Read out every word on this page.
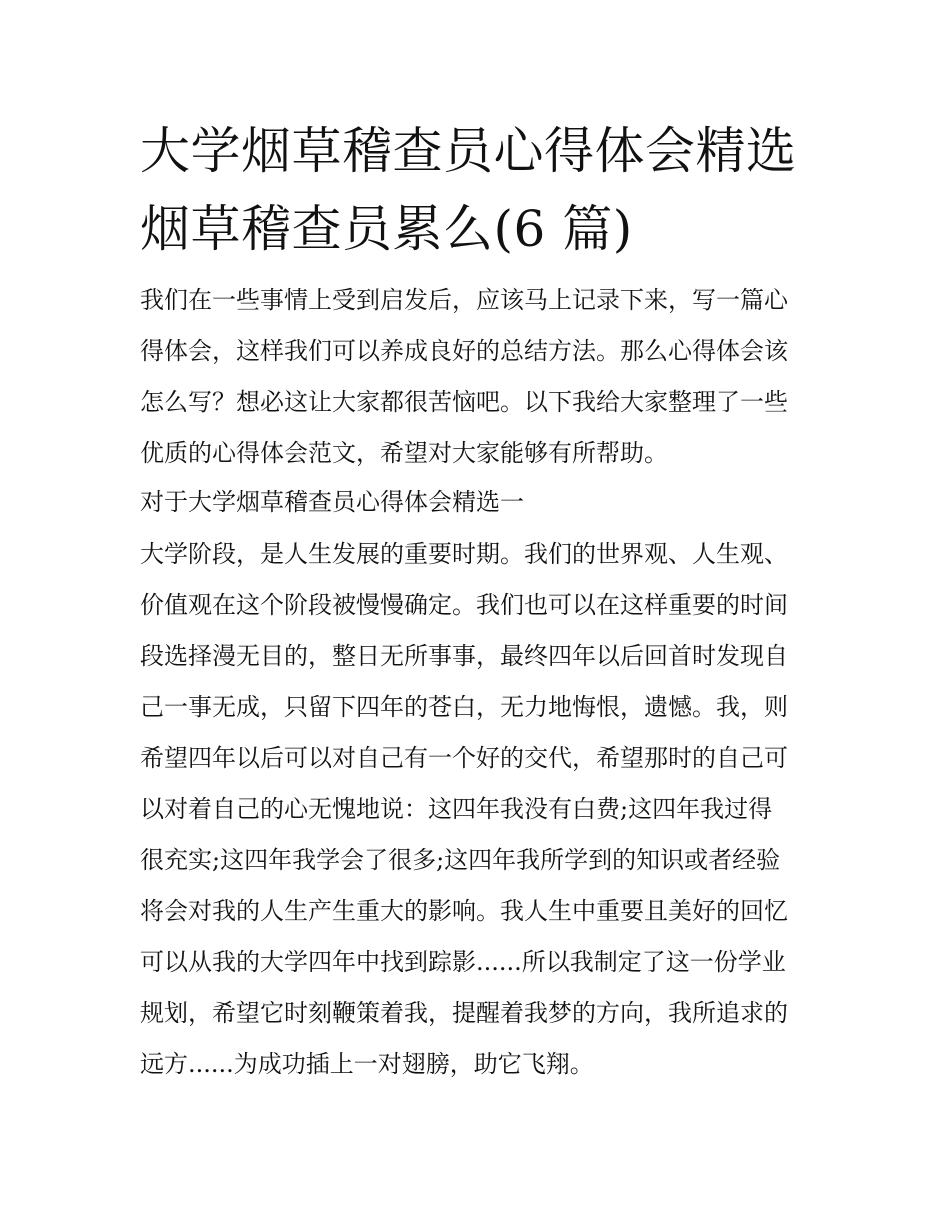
大学烟草稽查员心得体会精选
烟草稽查员累么(6 篇)

我们在一些事情上受到启发后，应该马上记录下来，写一篇心

得体会，这样我们可以养成良好的总结方法。那么心得体会该

怎么写？想必这让大家都很苦恼吧。以下我给大家整理了一些

优质的心得体会范文，希望对大家能够有所帮助。

对于大学烟草稽查员心得体会精选一

大学阶段，是人生发展的重要时期。我们的世界观、人生观、

价值观在这个阶段被慢慢确定。我们也可以在这样重要的时间

段选择漫无目的，整日无所事事，最终四年以后回首时发现自

己一事无成，只留下四年的苍白，无力地悔恨，遗憾。我，则

希望四年以后可以对自己有一个好的交代，希望那时的自己可

以对着自己的心无愧地说：这四年我没有白费;这四年我过得

很充实;这四年我学会了很多;这四年我所学到的知识或者经验

将会对我的人生产生重大的影响。我人生中重要且美好的回忆

可以从我的大学四年中找到踪影......所以我制定了这一份学业

规划，希望它时刻鞭策着我，提醒着我梦的方向，我所追求的

远方......为成功插上一对翅膀，助它飞翔。
